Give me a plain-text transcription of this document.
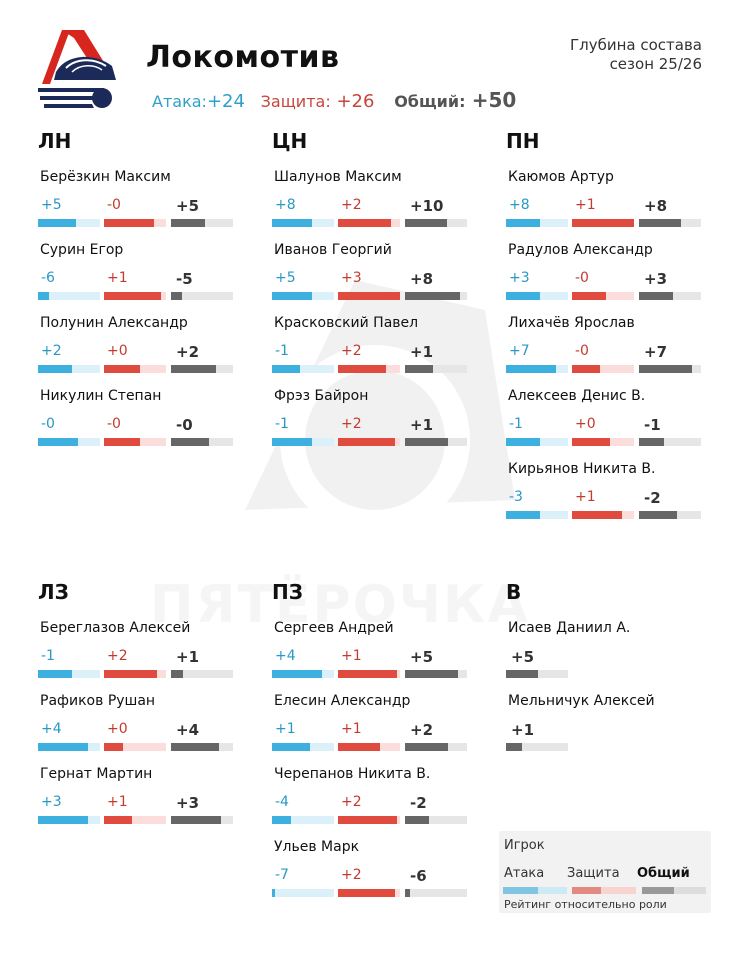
Локомотив
Атака:+24 Защита: +26 Общий: +50
Глубина состава
сезон 25/26
ЛН
Берёзкин Максим
+5	-0	+5
Сурин Егор
-6	+1	-5
Полунин Александр
+2	+0	+2
Никулин Степан
-0	-0	-0
ЦН
Шалунов Максим
+8	+2	+10
Иванов Георгий
+5	+3	+8
Красковский Павел
-1	+2	+1
Фрэз Байрон
-1	+2	+1
ПН
Каюмов Артур
+8	+1	+8
Радулов Александр
+3	-0	+3
Лихачёв Ярослав
+7	-0	+7
Алексеев Денис В.
-1	+0	-1
Кирьянов Никита В.
-3	+1	-2
ЛЗ
Береглазов Алексей
-1	+2	+1
Рафиков Рушан
+4	+0	+4
Гернат Мартин
+3	+1	+3
ПЗ
Сергеев Андрей
+4	+1	+5
Елесин Александр
+1	+1	+2
Черепанов Никита В.
-4	+2	-2
Ульев Марк
-7	+2	-6
В
Исаев Даниил А.
+5
Мельничук Алексей
+1
Игрок
Атака Защита Общий
Рейтинг относительно роли
